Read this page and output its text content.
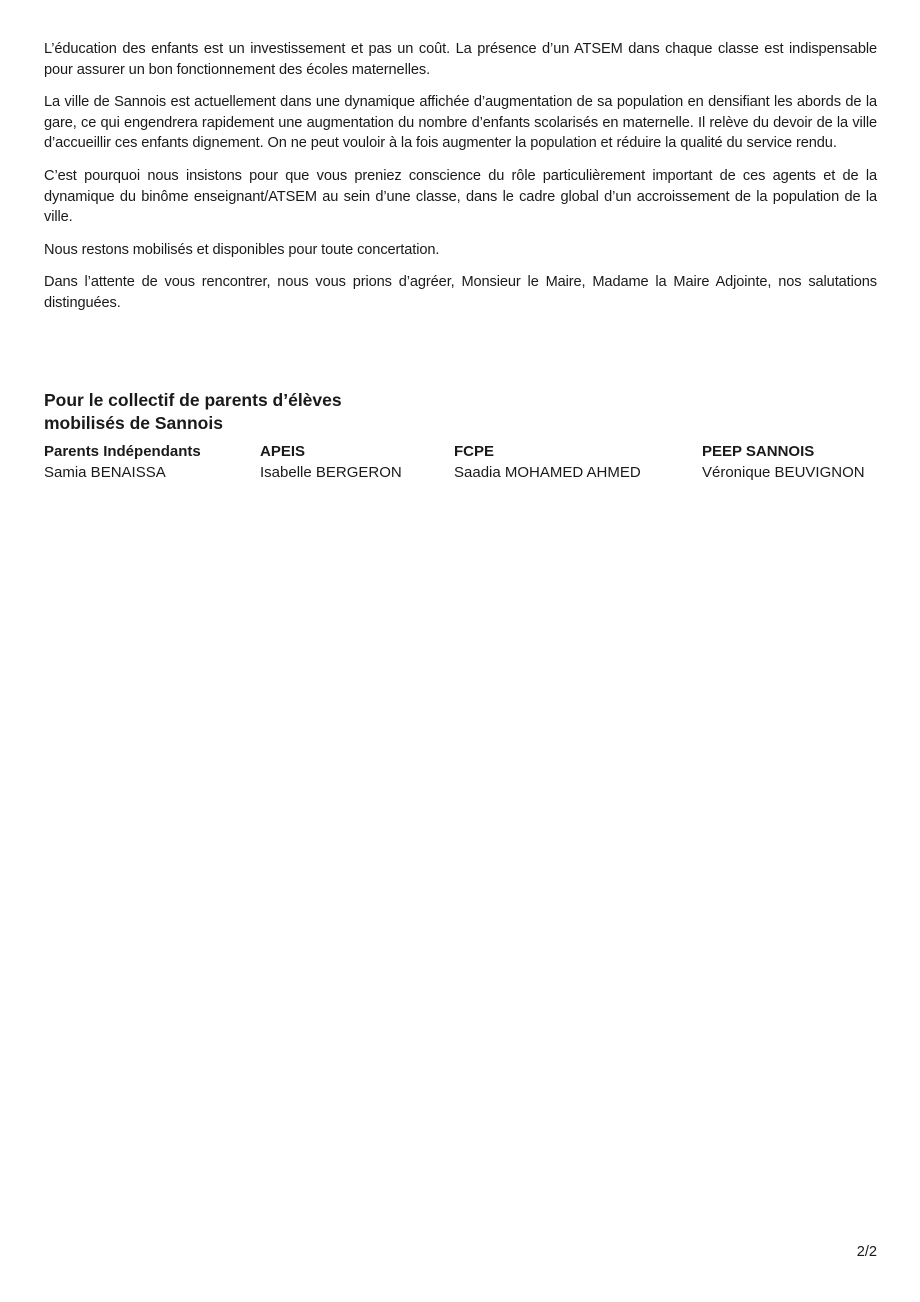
L’éducation des enfants est un investissement et pas un coût. La présence d’un ATSEM dans chaque classe est indispensable pour assurer un bon fonctionnement des écoles maternelles.

La ville de Sannois est actuellement dans une dynamique affichée d’augmentation de sa population en densifiant les abords de la gare, ce qui engendrera rapidement une augmentation du nombre d’enfants scolarisés en maternelle. Il relève du devoir de la ville d’accueillir ces enfants dignement. On ne peut vouloir à la fois augmenter la population et réduire la qualité du service rendu.

C’est pourquoi nous insistons pour que vous preniez conscience du rôle particulièrement important de ces agents et de la dynamique du binôme enseignant/ATSEM au sein d’une classe, dans le cadre global d’un accroissement de la population de la ville.

Nous restons mobilisés et disponibles pour toute concertation.

Dans l’attente de vous rencontrer, nous vous prions d’agréer, Monsieur le Maire, Madame la Maire Adjointe, nos salutations distinguées.

Pour le collectif de parents d’élèves mobilisés de Sannois
Parents Indépendants
Samia BENAISSA
APEIS
Isabelle BERGERON
FCPE
Saadia MOHAMED AHMED
PEEP SANNOIS
Véronique BEUVIGNON
2/2
